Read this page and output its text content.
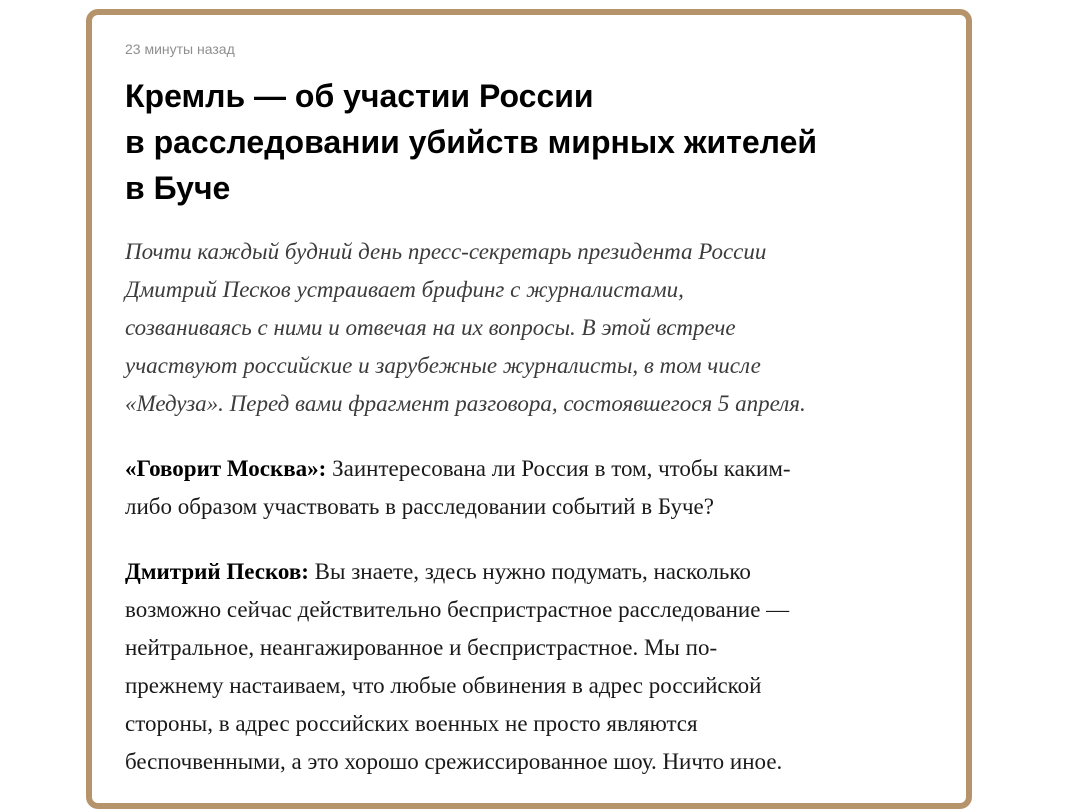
23 минуты назад
Кремль — об участии России
в расследовании убийств мирных жителей
в Буче

Почти каждый будний день пресс-секретарь президента России
Дмитрий Песков устраивает брифинг с журналистами,
созваниваясь с ними и отвечая на их вопросы. В этой встрече
участвуют российские и зарубежные журналисты, в том числе
«Медуза». Перед вами фрагмент разговора, состоявшегося 5 апреля.

«Говорит Москва»: Заинтересована ли Россия в том, чтобы каким-
либо образом участвовать в расследовании событий в Буче?

Дмитрий Песков: Вы знаете, здесь нужно подумать, насколько
возможно сейчас действительно беспристрастное расследование —
нейтральное, неангажированное и беспристрастное. Мы по-
прежнему настаиваем, что любые обвинения в адрес российской
стороны, в адрес российских военных не просто являются
беспочвенными, а это хорошо срежиссированное шоу. Ничто иное.
